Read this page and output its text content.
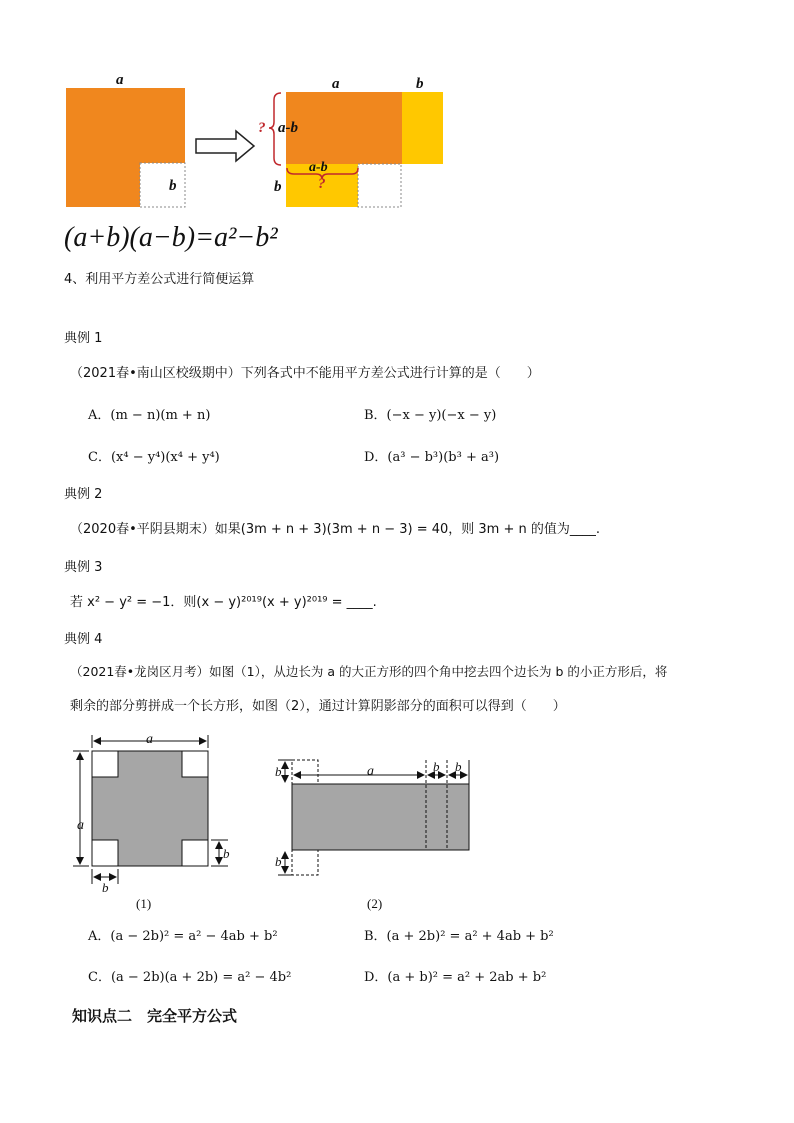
a
b
a	b
? a-b
a-b
?
b
(a+b)(a−b)=a²−b²
4、利用平方差公式进行简便运算
典例 1
（2021春•南山区校级期中）下列各式中不能用平方差公式进行计算的是（　　）
A．(m − n)(m + n)	B．(−x − y)(−x − y)
C．(x⁴ − y⁴)(x⁴ + y⁴)	D．(a³ − b³)(b³ + a³)
典例 2
（2020春•平阴县期末）如果(3m + n + 3)(3m + n − 3) = 40，则 3m + n 的值为____.
典例 3
若 x² − y² = −1．则(x − y)²⁰¹⁹(x + y)²⁰¹⁹ = ____.
典例 4
（2021春•龙岗区月考）如图（1），从边长为 a 的大正方形的四个角中挖去四个边长为 b 的小正方形后，将
剩余的部分剪拼成一个长方形，如图（2），通过计算阴影部分的面积可以得到（　　）
a
a
b
b
(1)
b	a	b b
b
(2)
A．(a − 2b)² = a² − 4ab + b²	B．(a + 2b)² = a² + 4ab + b²
C．(a − 2b)(a + 2b) = a² − 4b²	D．(a + b)² = a² + 2ab + b²
知识点二　完全平方公式
